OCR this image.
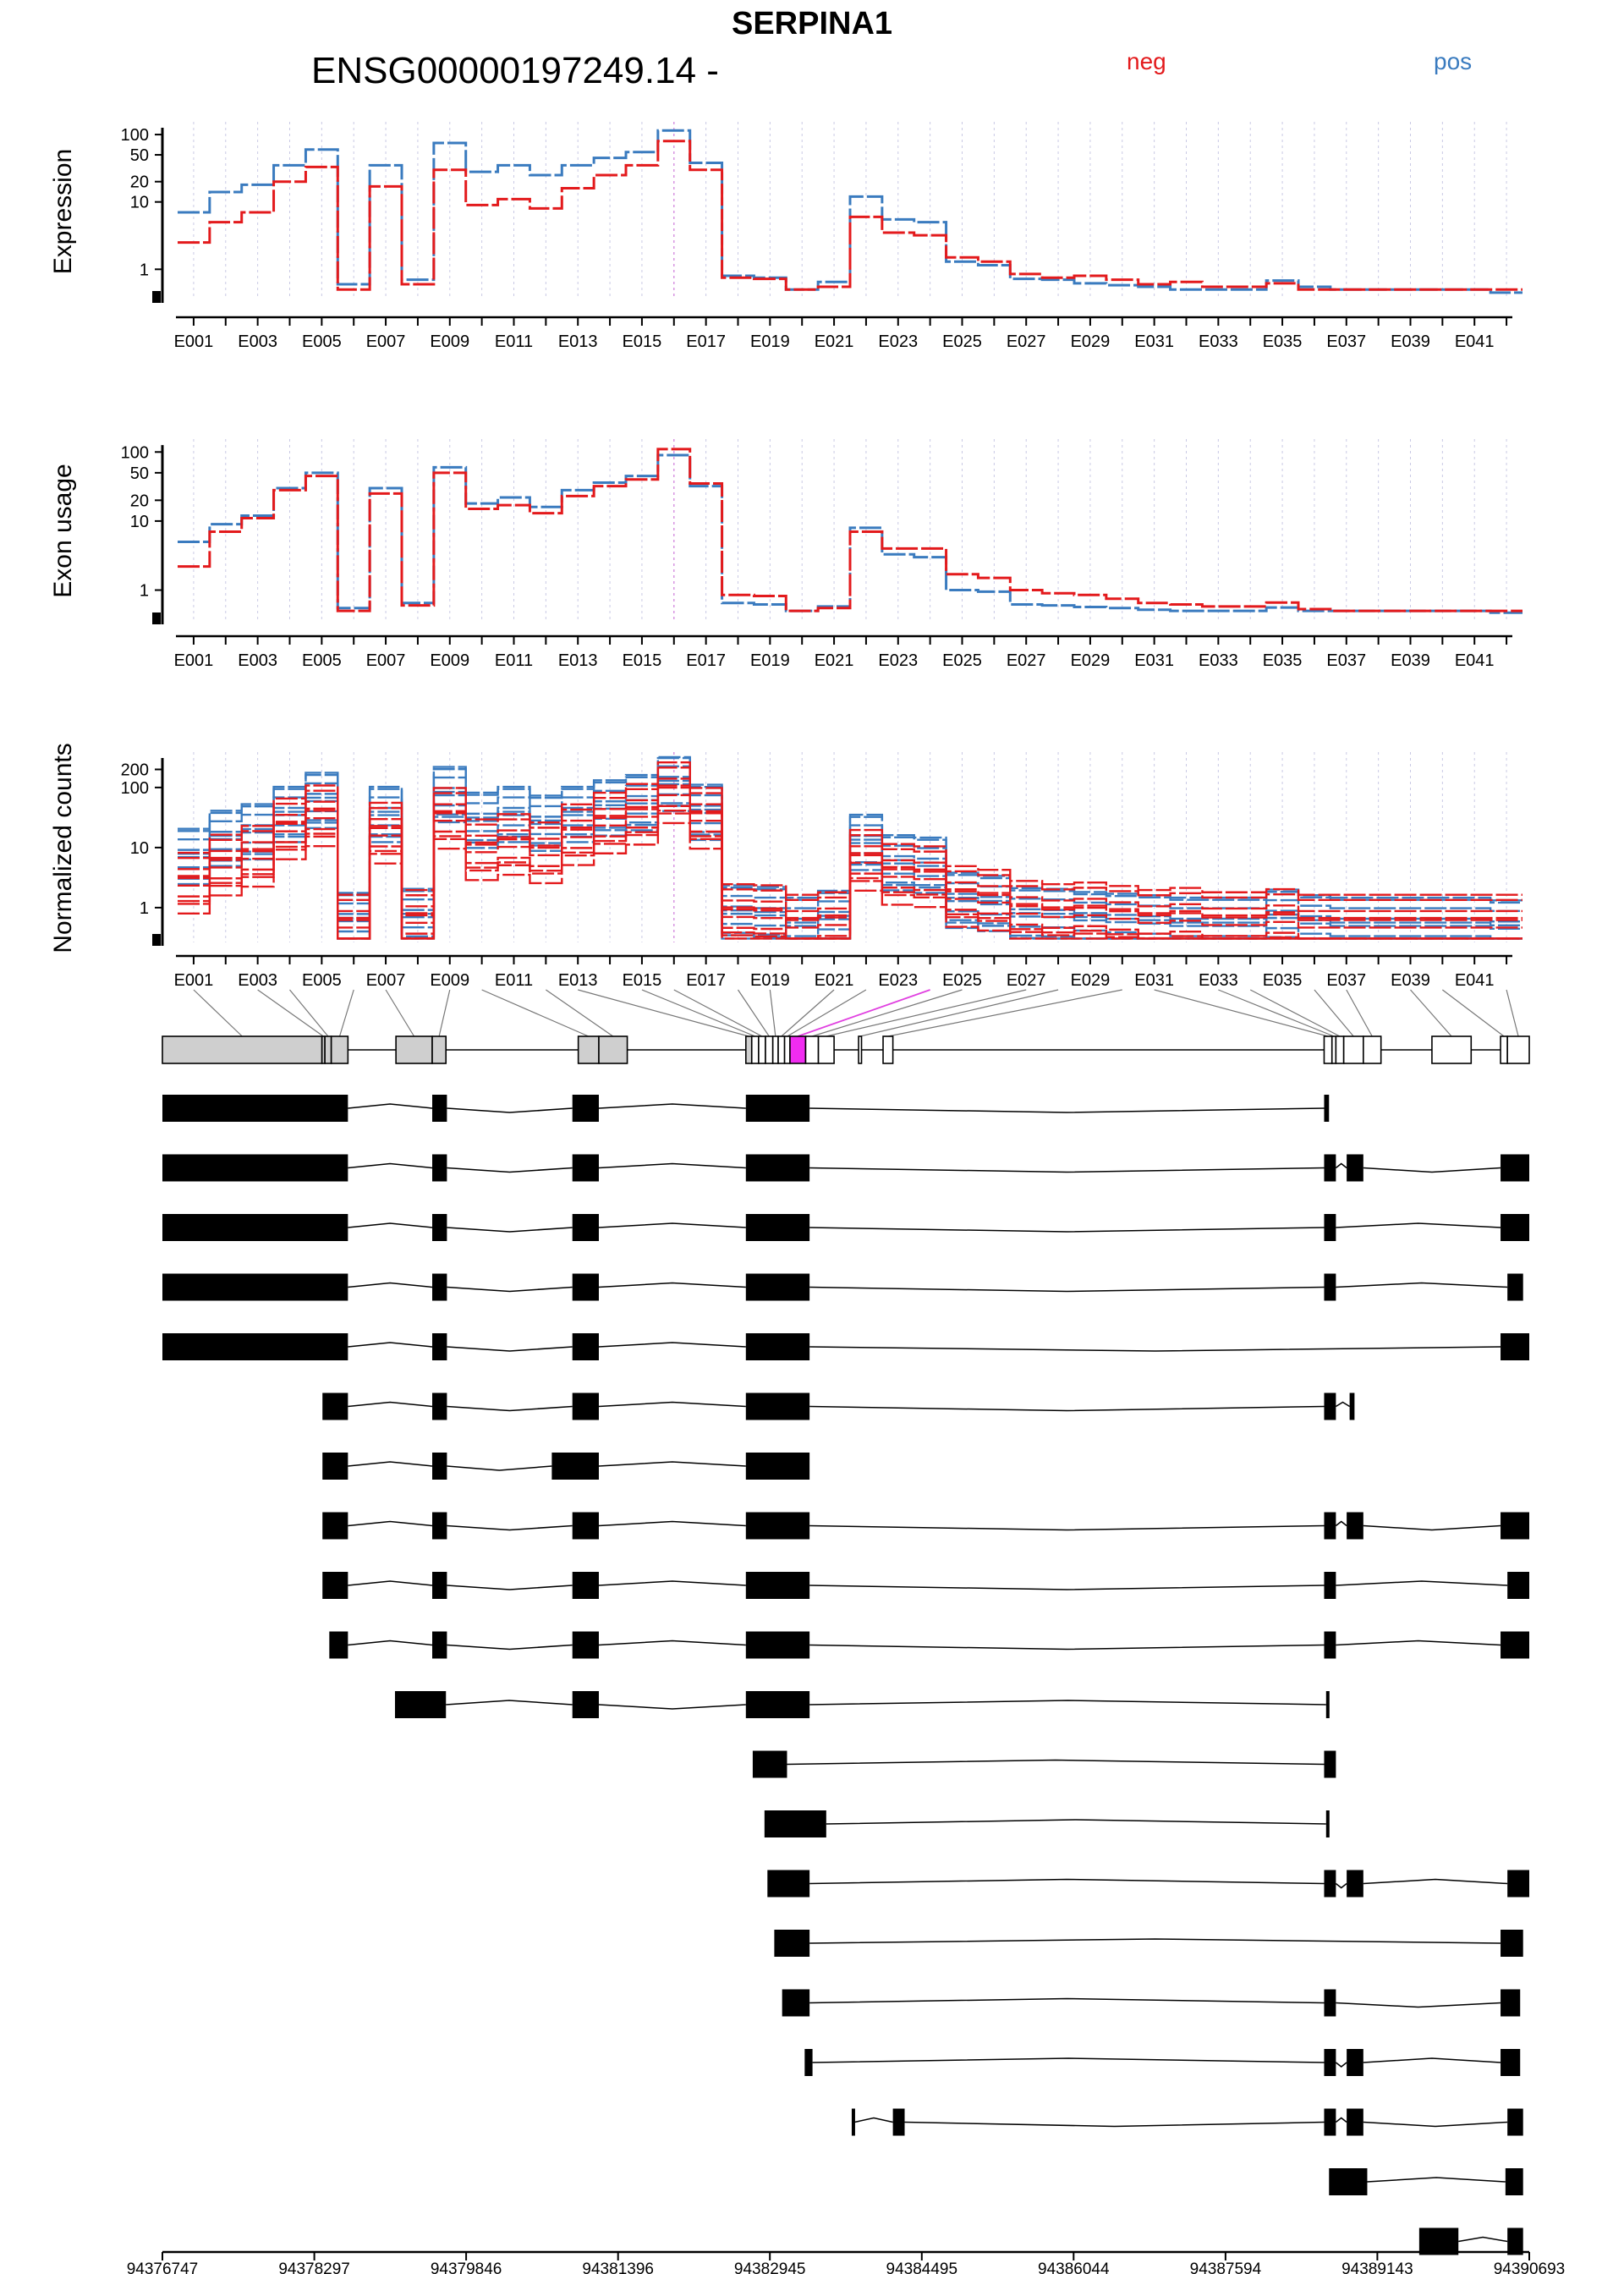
SERPINA1
ENSG00000197249.14 -	neg	pos
1
10
20
50
100
Expression
E001 E003 E005 E007 E009 E011 E013 E015 E017 E019 E021 E023 E025 E027 E029 E031 E033 E035 E037 E039 E041
1
10
20
50
100
Exon usage
E001 E003 E005 E007 E009 E011 E013 E015 E017 E019 E021 E023 E025 E027 E029 E031 E033 E035 E037 E039 E041
1
10
100
200
Normalized counts
E001 E003 E005 E007 E009 E011 E013 E015 E017 E019 E021 E023 E025 E027 E029 E031 E033 E035 E037 E039 E041
94376747	94378297	94379846	94381396	94382945	94384495	94386044	94387594	94389143	94390693
